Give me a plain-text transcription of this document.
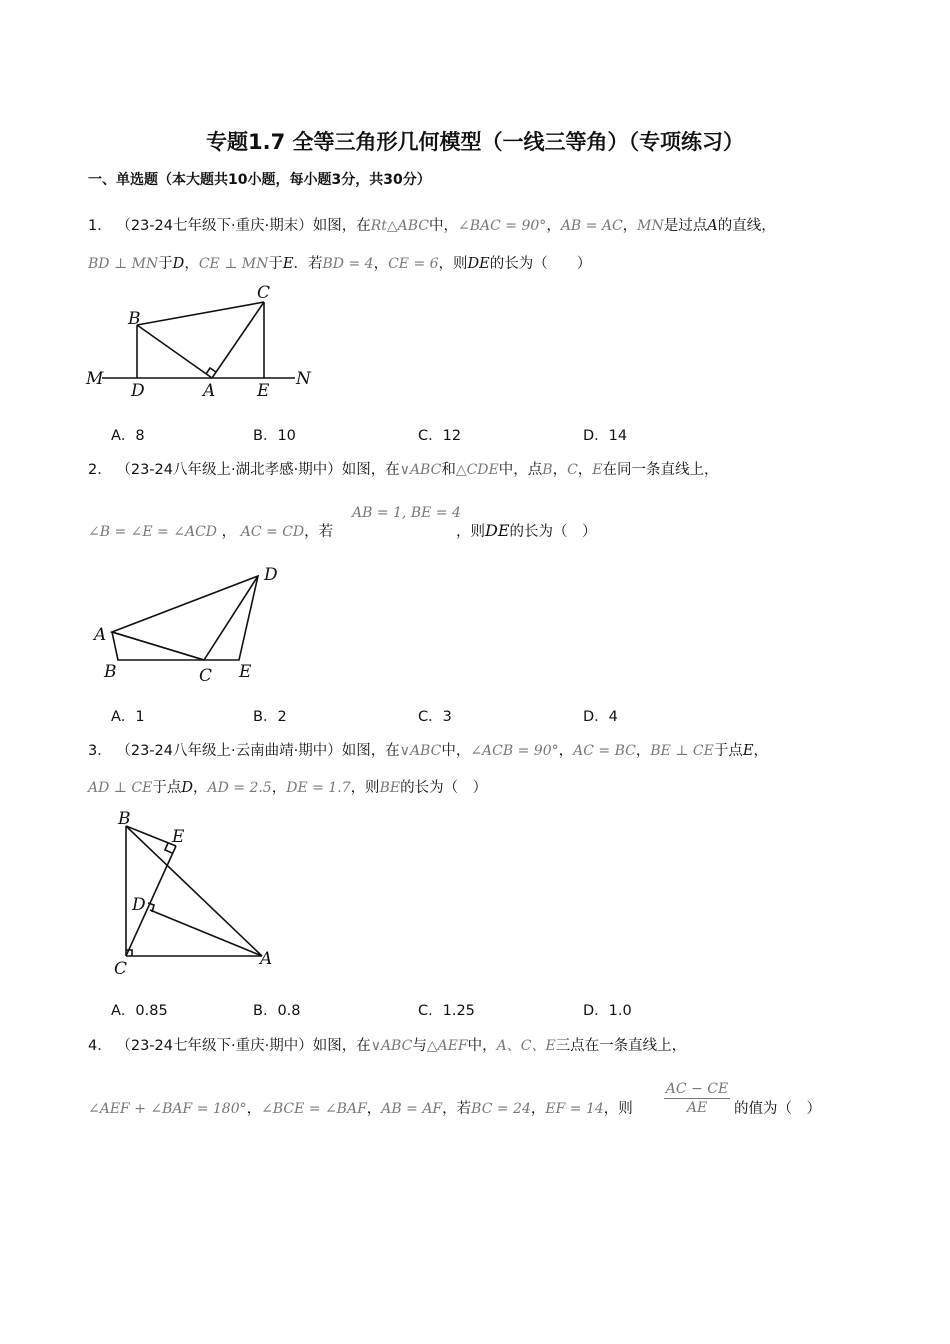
专题1.7 全等三角形几何模型（一线三等角）（专项练习）
一、单选题（本大题共10小题，每小题3分，共30分）
1． （23-24七年级下·重庆·期末）如图，在Rt△ABC中，∠BAC = 90°，AB = AC，MN是过点A的直线，
BD ⊥ MN于D，CE ⊥ MN于E．若BD = 4，CE = 6，则DE的长为（　　）
B
C
M
D	A E
N
A．8	B．10	C．12	D．14
2． （23-24八年级上·湖北孝感·期中）如图，在∨ABC和△CDE中，点B，C，E在同一条直线上，
∠B = ∠E = ∠ACD ， AC = CD，若
AB = 1, BE = 4
，则DE的长为（　）
A
B	C
D
E
A．1	B．2	C．3	D．4
3． （23-24八年级上·云南曲靖·期中）如图，在∨ABC中，∠ACB = 90°，AC = BC，BE ⊥ CE于点E，
AD ⊥ CE于点D，AD = 2.5，DE = 1.7，则BE的长为（　）
B
E
D
C	A
A．0.85	B．0.8	C．1.25	D．1.0
4． （23-24七年级下·重庆·期中）如图，在∨ABC与△AEF中，A、C、E三点在一条直线上，
∠AEF + ∠BAF = 180°，∠BCE = ∠BAF，AB = AF，若BC = 24，EF = 14，则
AC − CE
AE	的值为（　）
